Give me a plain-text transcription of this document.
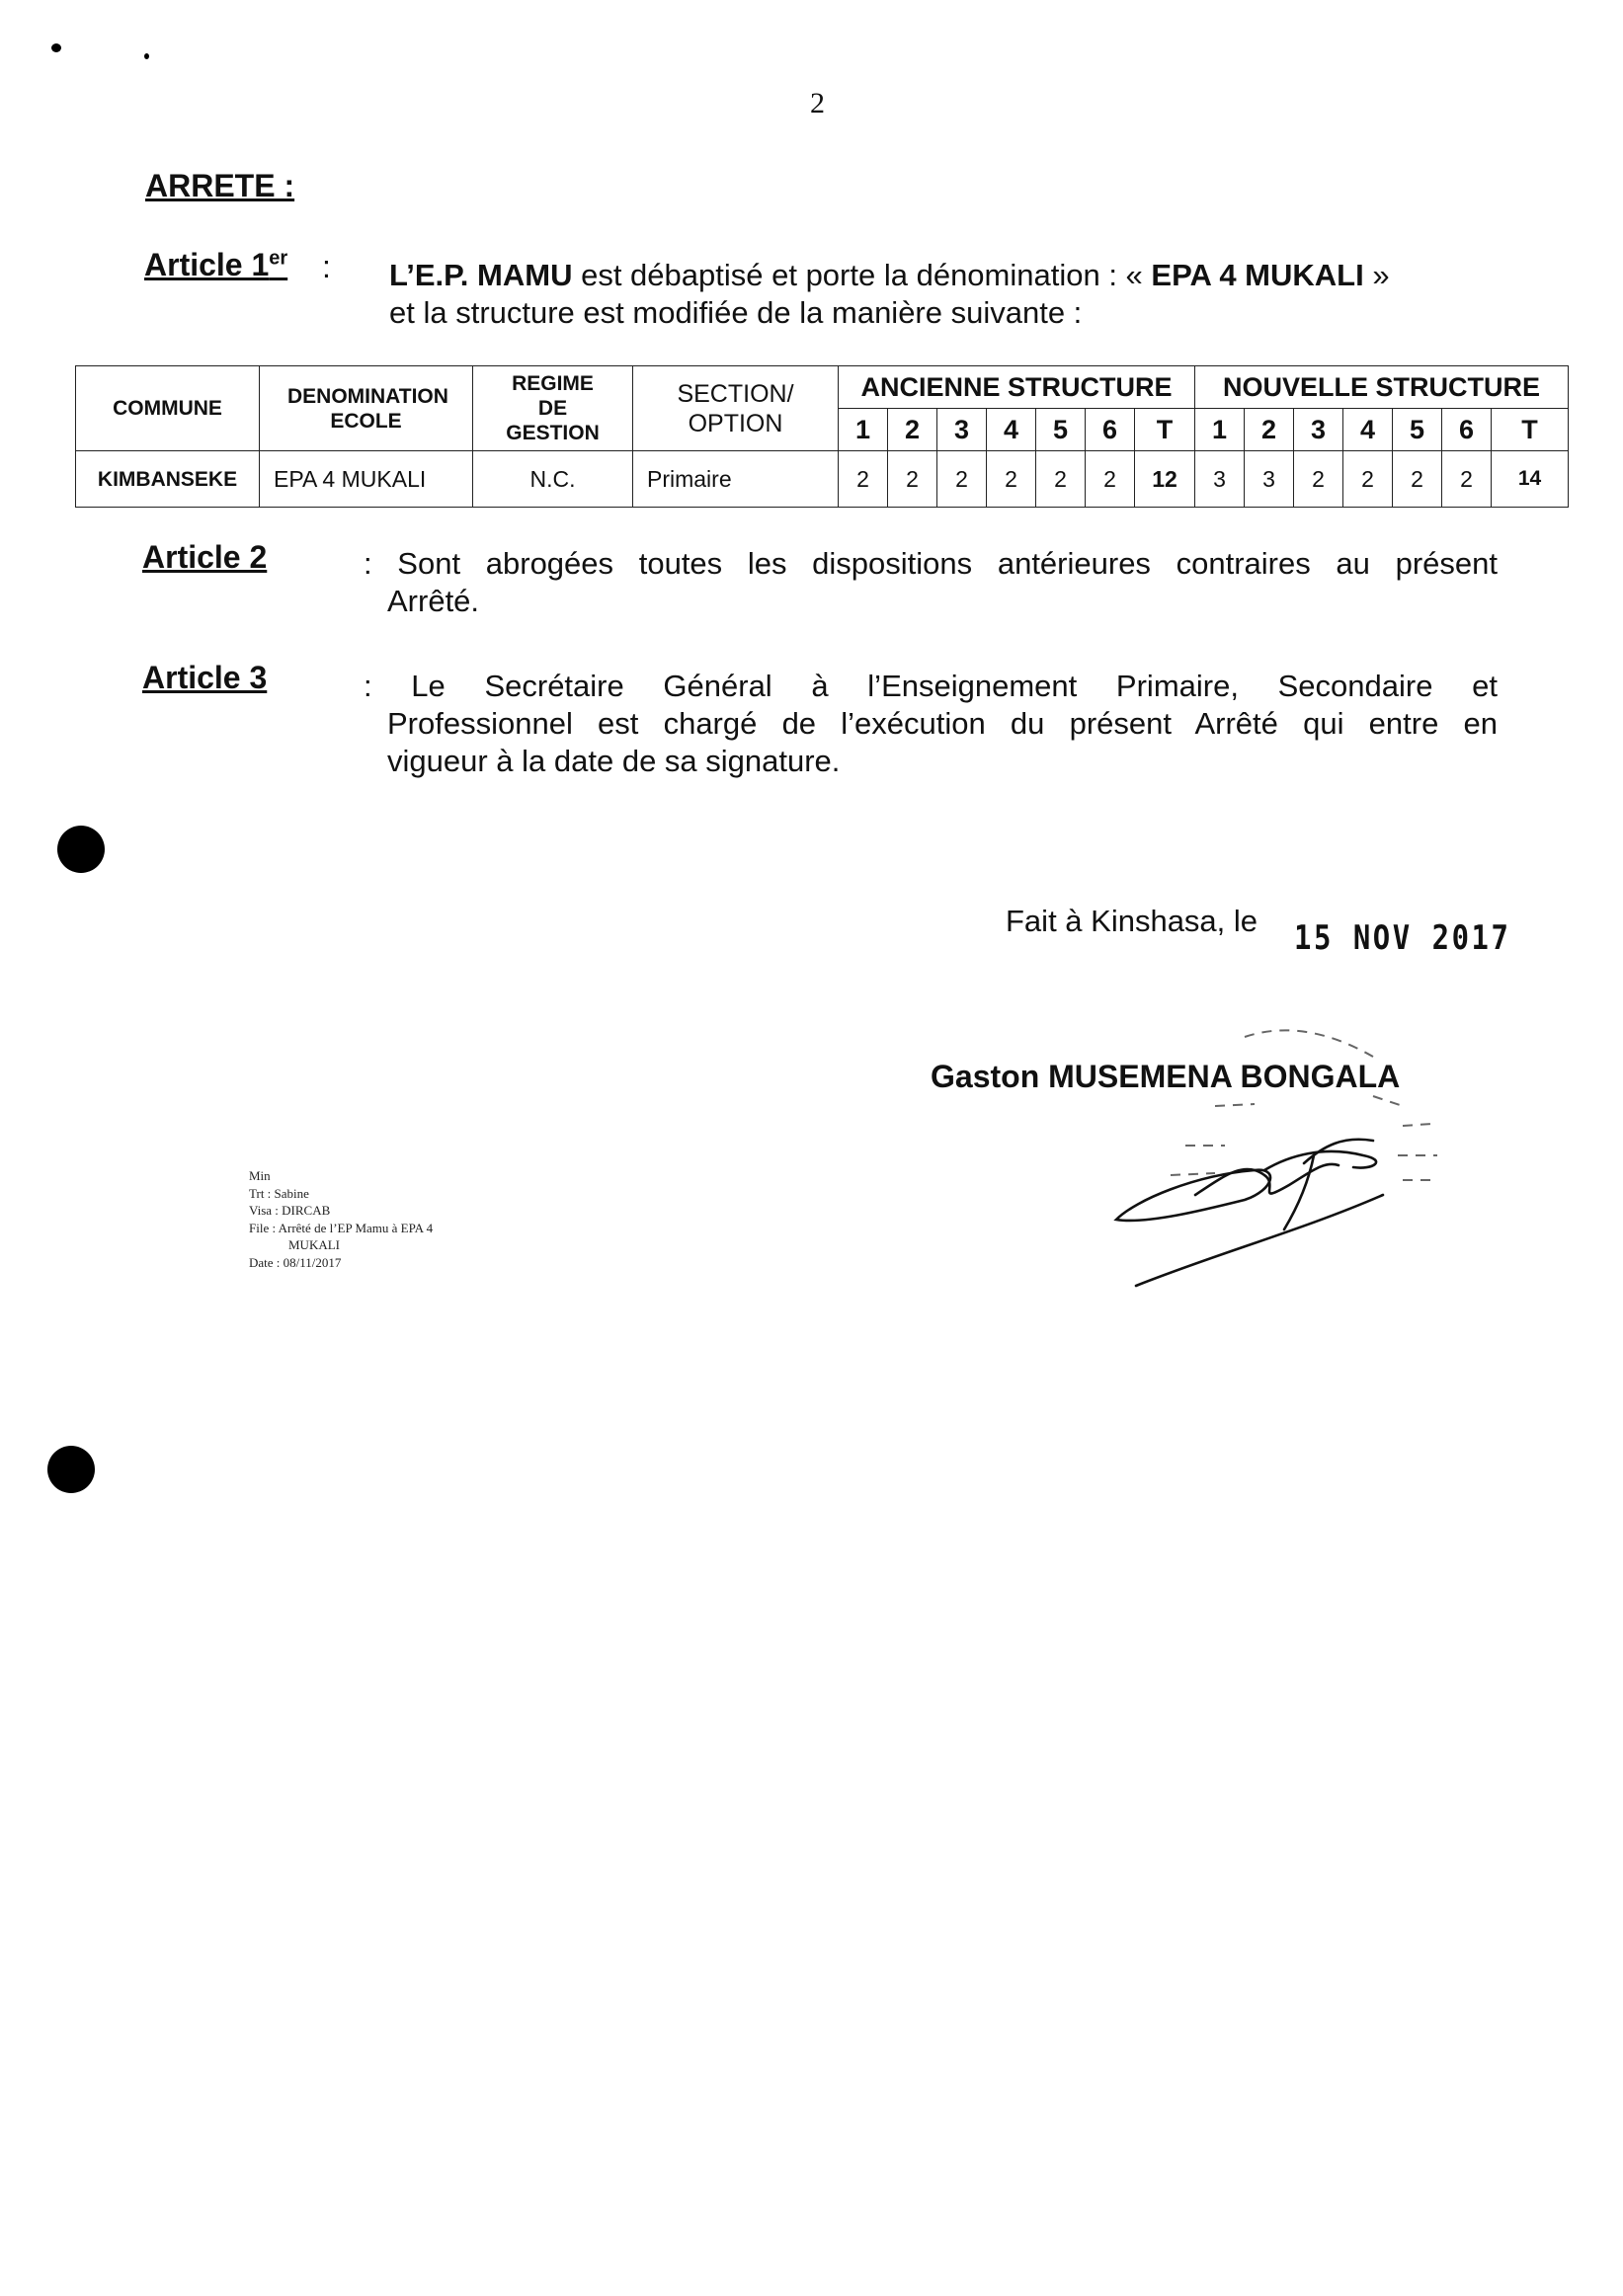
2
ARRETE :
Article 1er : L’E.P. MAMU est débaptisé et porte la dénomination : « EPA 4 MUKALI »
et la structure est modifiée de la manière suivante :
COMMUNE	DENOMINATION ECOLE	REGIME DE GESTION	SECTION/ OPTION	ANCIENNE STRUCTURE							NOUVELLE STRUCTURE						
				1	2	3	4	5	6	T	1	2	3	4	5	6	T
KIMBANSEKE	EPA 4 MUKALI	N.C.	Primaire	2	2	2	2	2	2	12	3	3	2	2	2	2	14
Article 2	: Sont abrogées toutes les dispositions antérieures contraires au présent
Arrêté.
Article 3	: Le Secrétaire Général à l’Enseignement Primaire, Secondaire et
Professionnel est chargé de l’exécution du présent Arrêté qui entre en
vigueur à la date de sa signature.
Fait à Kinshasa, le 15 NOV 2017
Gaston MUSEMENA BONGALA
Min
Trt : Sabine
Visa : DIRCAB
File : Arrêté de l’EP Mamu à EPA 4
MUKALI
Date : 08/11/2017
